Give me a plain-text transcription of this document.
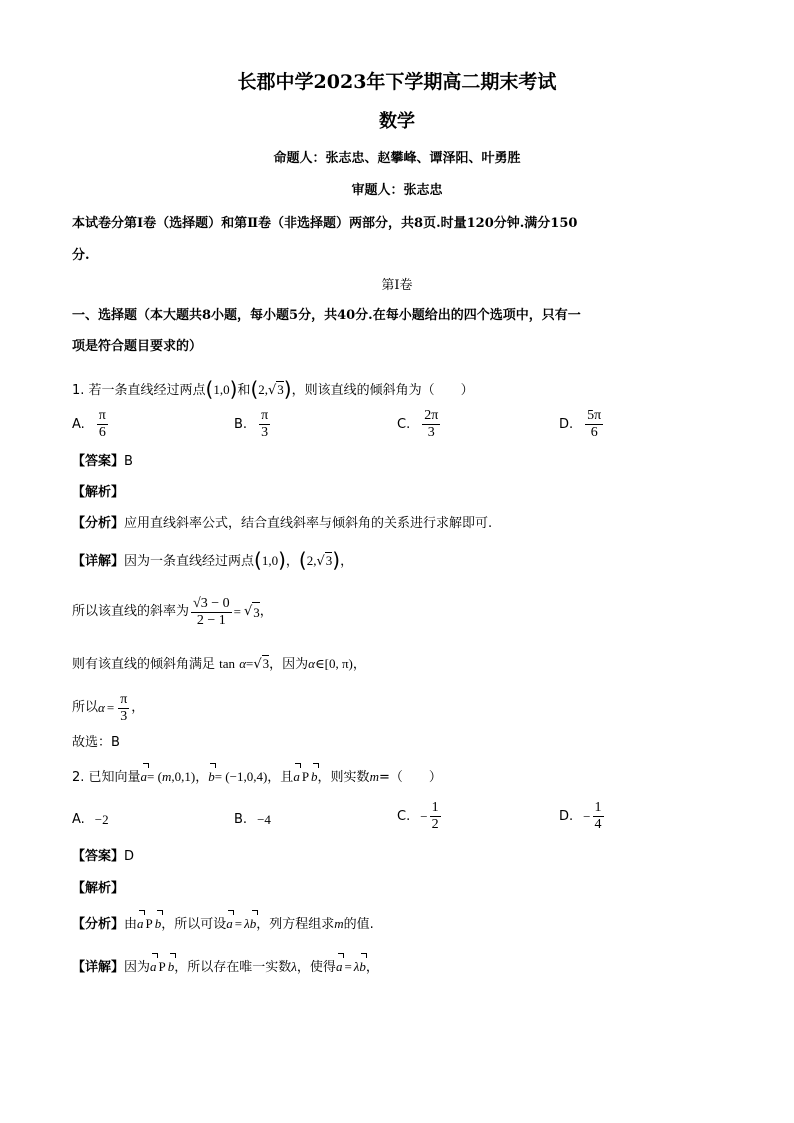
长郡中学2023年下学期高二期末考试
数学
命题人：张志忠、赵攀峰、谭泽阳、叶勇胜
审题人：张志忠
本试卷分第Ⅰ卷（选择题）和第Ⅱ卷（非选择题）两部分，共8页.时量120分钟.满分150
分.
第Ⅰ卷
一、选择题（本大题共8小题，每小题5分，共40分.在每小题给出的四个选项中，只有一
项是符合题目要求的）
1. 若一条直线经过两点(1,0)和(2,√3)，则该直线的倾斜角为（　　）
A. $\frac{\pi}{6}$	B. $\frac{\pi}{3}$	C. $\frac{2\pi}{3}$	D. $\frac{5\pi}{6}$
【答案】B
【解析】
【分析】应用直线斜率公式，结合直线斜率与倾斜角的关系进行求解即可.
【详解】因为一条直线经过两点(1,0)，(2,√3)，
所以该直线的斜率为 $\frac{√3 - 0}{2 - 1}$ = √ 3 ，
则有该直线的倾斜角满足 tan α=√3，因为α∈[0, π)，
所以 $\alpha = \frac{\pi}{3}$ ，
故选：B
2. 已知向量a= (m,0,1)，b= (−1,0,4)，且a P b，则实数m=（　　）
A. −2	B. −4	C. − $\frac{1}{2}$	D. − $\frac{1}{4}$
【答案】D
【解析】
【分析】由a P b，所以可设a = λb，列方程组求m的值.
【详解】因为a P b，所以存在唯一实数λ，使得a = λb，
